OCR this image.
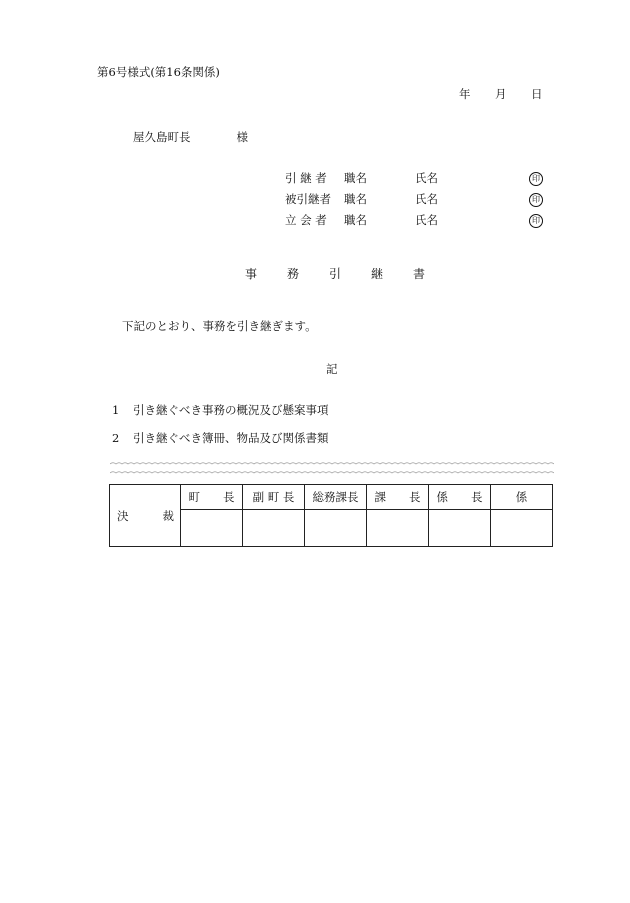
第6号様式(第16条関係)
年	月	日
屋久島町長	様
引 継 者	職名	氏名	印
被引継者	職名	氏名	印
立 会 者	職名	氏名	印
事 務 引 継 書
下記のとおり、事務を引き継ぎます。
記
1 引き継ぐべき事務の概況及び懸案事項
2 引き継ぐべき簿冊、物品及び関係書類
決 裁	町　　長	副 町 長	総務課長	課　　長	係　　長	係
